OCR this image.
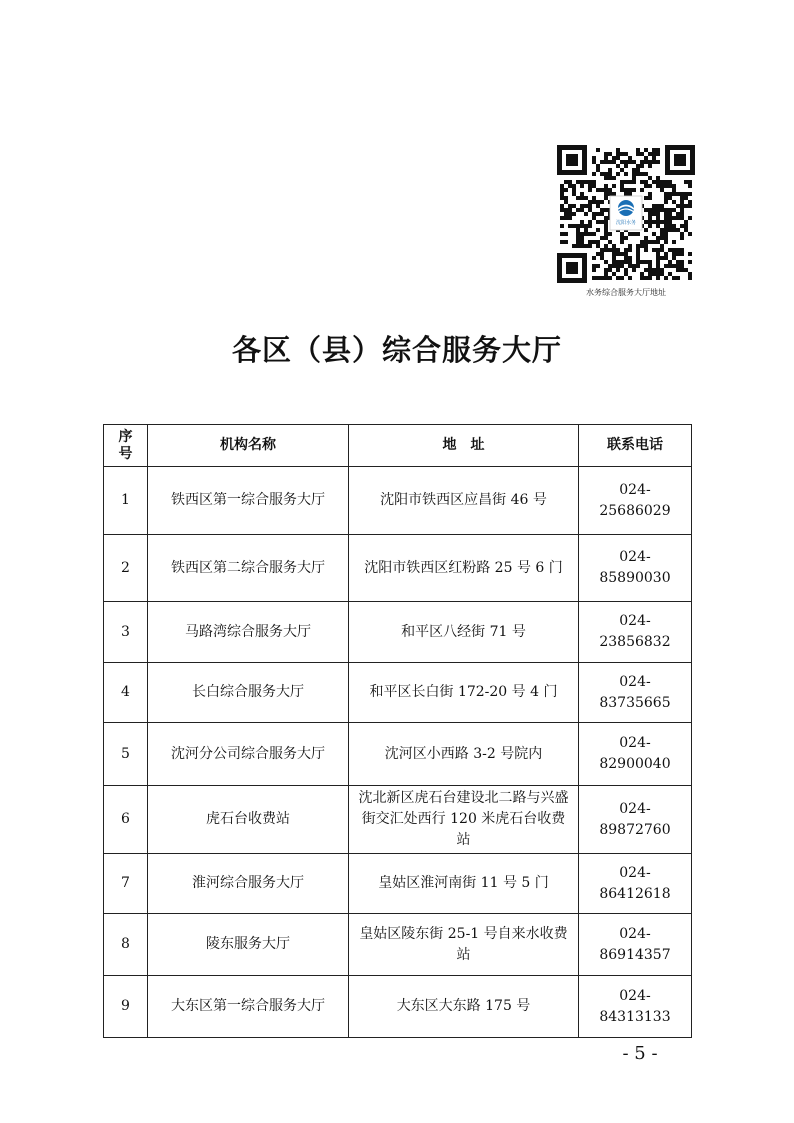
沈阳水务
水务综合服务大厅地址
各区（县）综合服务大厅
序号	机构名称	地　址	联系电话
1	铁西区第一综合服务大厅	沈阳市铁西区应昌街 46 号	024-25686029
2	铁西区第二综合服务大厅	沈阳市铁西区红粉路 25 号 6 门	024-85890030
3	马路湾综合服务大厅	和平区八经街 71 号	024-23856832
4	长白综合服务大厅	和平区长白街 172-20 号 4 门	024-83735665
5	沈河分公司综合服务大厅	沈河区小西路 3-2 号院内	024-82900040
6	虎石台收费站	沈北新区虎石台建设北二路与兴盛街交汇处西行 120 米虎石台收费站	024-89872760
7	淮河综合服务大厅	皇姑区淮河南街 11 号 5 门	024-86412618
8	陵东服务大厅	皇姑区陵东街 25-1 号自来水收费站	024-86914357
9	大东区第一综合服务大厅	大东区大东路 175 号	024-84313133
- 5 -
